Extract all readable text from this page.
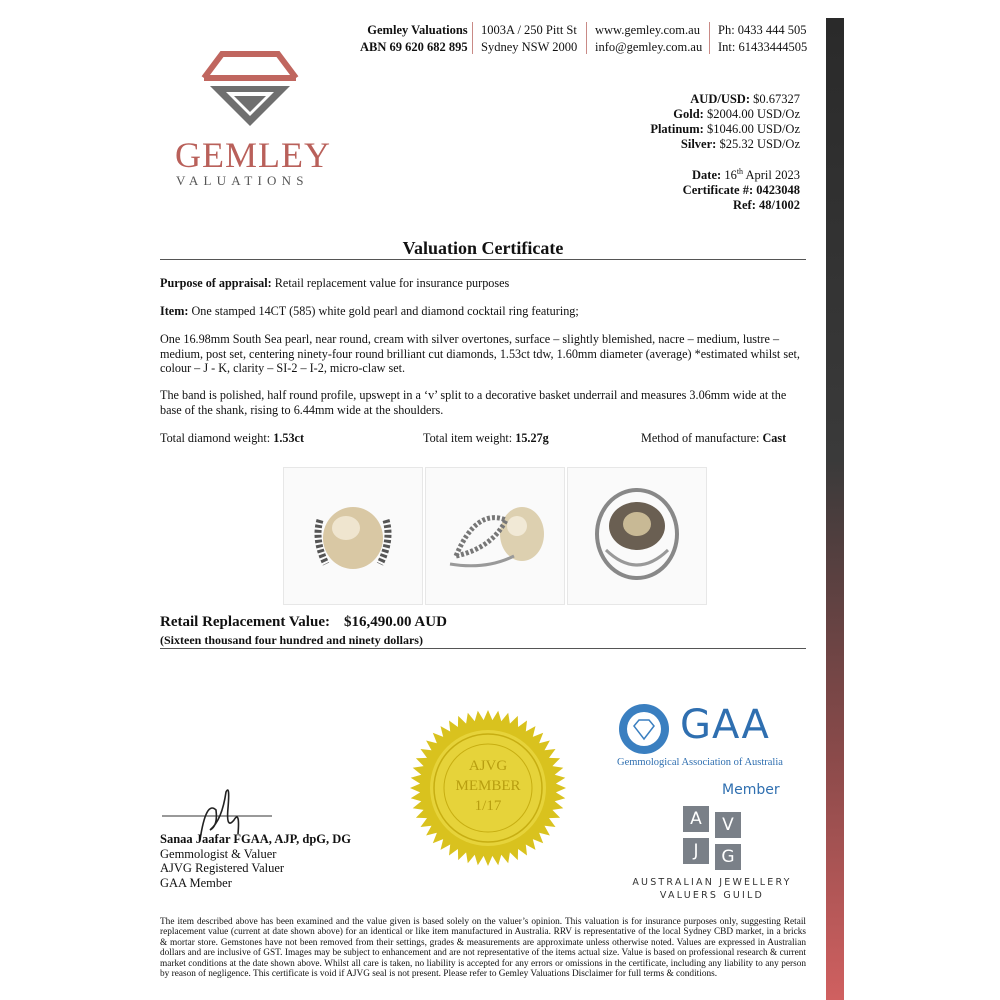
Gemley Valuations
ABN 69 620 682 895
1003A / 250 Pitt St
Sydney NSW 2000
www.gemley.com.au
info@gemley.com.au
Ph: 0433 444 505
Int: 61433444505
GEMLEY
VALUATIONS
AUD/USD: $0.67327
Gold: $2004.00 USD/Oz
Platinum: $1046.00 USD/Oz
Silver: $25.32 USD/Oz
Date: 16th April 2023
Certificate #: 0423048
Ref: 48/1002
Valuation Certificate
Purpose of appraisal: Retail replacement value for insurance purposes
Item: One stamped 14CT (585) white gold pearl and diamond cocktail ring featuring;
One 16.98mm South Sea pearl, near round, cream with silver overtones, surface – slightly blemished, nacre – medium, lustre – medium, post set, centering ninety-four round brilliant cut diamonds, 1.53ct tdw, 1.60mm diameter (average) *estimated whilst set, colour – J - K, clarity – SI-2 – I-2, micro-claw set.
The band is polished, half round profile, upswept in a ‘v’ split to a decorative basket underrail and measures 3.06mm wide at the base of the shank, rising to 6.44mm wide at the shoulders.
Total diamond weight: 1.53ct	Total item weight: 15.27g	Method of manufacture: Cast
Retail Replacement Value: $16,490.00 AUD
(Sixteen thousand four hundred and ninety dollars)
AJVG
MEMBER
1/17
GAA
Gemmological Association of Australia
Member
A	V
J	G
AUSTRALIAN JEWELLERY
VALUERS GUILD
Sanaa Jaafar FGAA, AJP, dpG, DG
Gemmologist & Valuer
AJVG Registered Valuer
GAA Member
The item described above has been examined and the value given is based solely on the valuer’s opinion. This valuation is for insurance purposes only, suggesting Retail replacement value (current at date shown above) for an identical or like item manufactured in Australia. RRV is representative of the local Sydney CBD market, in a bricks & mortar store. Gemstones have not been removed from their settings, grades & measurements are approximate unless otherwise noted. Values are expressed in Australian dollars and are inclusive of GST. Images may be subject to enhancement and are not representative of the items actual size. Value is based on professional research & current market conditions at the date shown above. Whilst all care is taken, no liability is accepted for any errors or omissions in the certificate, including any liability to any person by reason of negligence. This certificate is void if AJVG seal is not present. Please refer to Gemley Valuations Disclaimer for full terms & conditions.
